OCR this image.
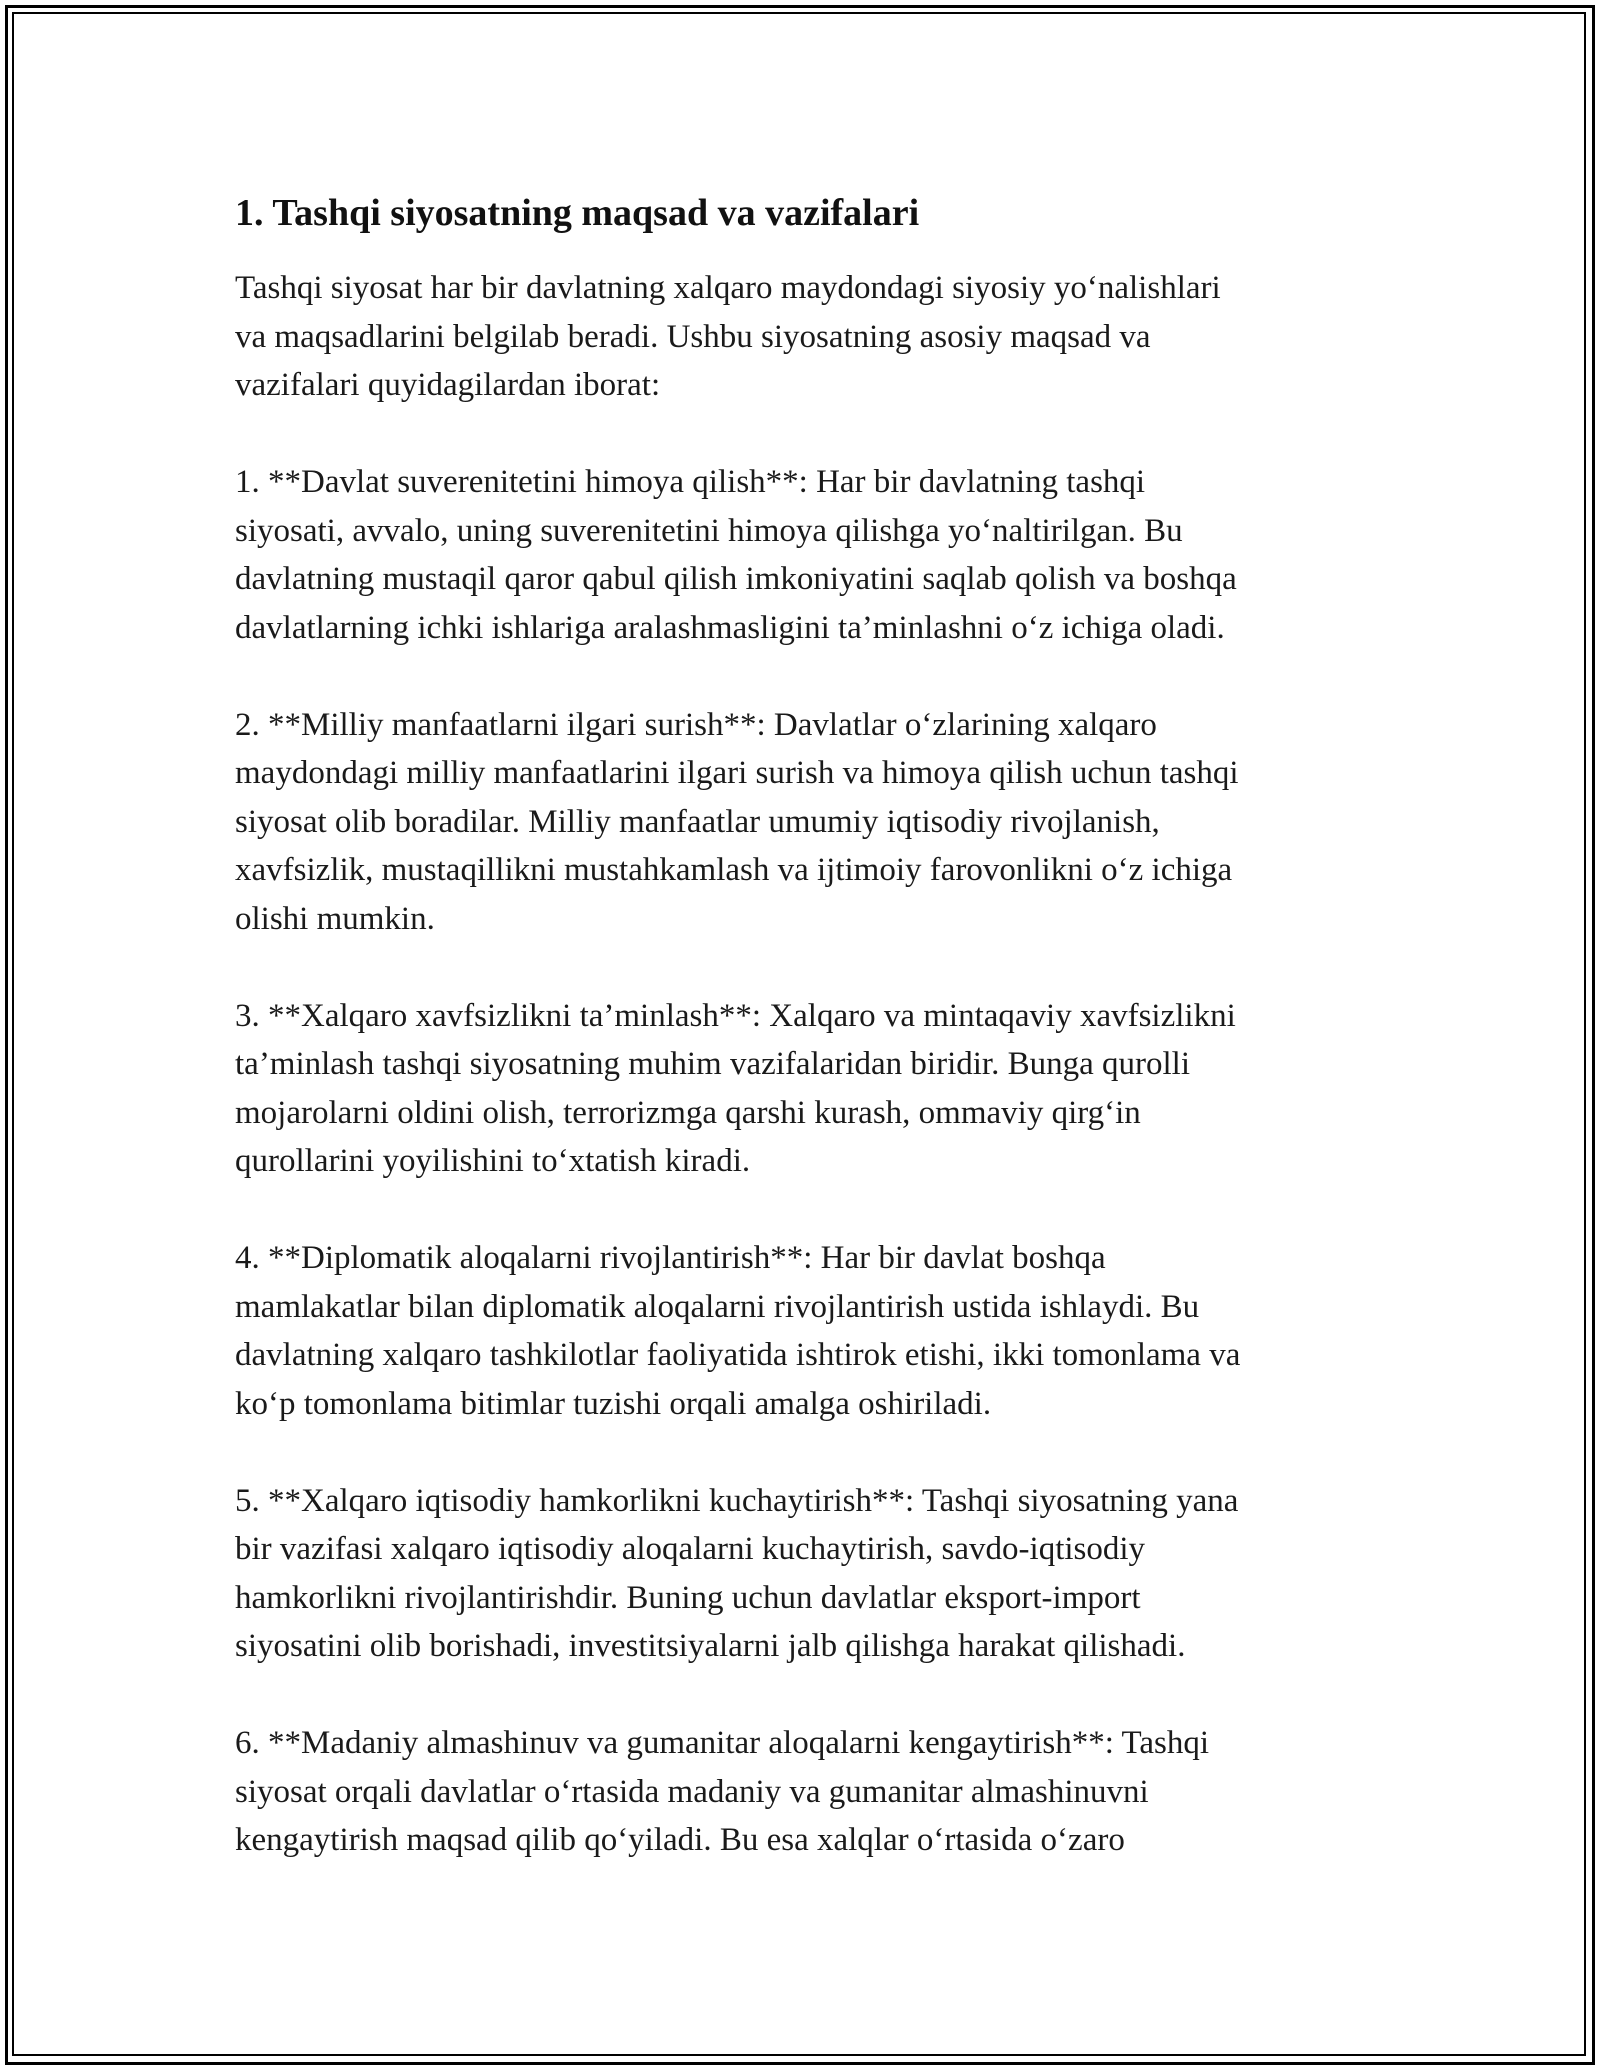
1. Tashqi siyosatning maqsad va vazifalari

Tashqi siyosat har bir davlatning xalqaro maydondagi siyosiy yo‘nalishlari
va maqsadlarini belgilab beradi. Ushbu siyosatning asosiy maqsad va
vazifalari quyidagilardan iborat:

1. **Davlat suverenitetini himoya qilish**: Har bir davlatning tashqi
siyosati, avvalo, uning suverenitetini himoya qilishga yo‘naltirilgan. Bu
davlatning mustaqil qaror qabul qilish imkoniyatini saqlab qolish va boshqa
davlatlarning ichki ishlariga aralashmasligini ta’minlashni o‘z ichiga oladi.

2. **Milliy manfaatlarni ilgari surish**: Davlatlar o‘zlarining xalqaro
maydondagi milliy manfaatlarini ilgari surish va himoya qilish uchun tashqi
siyosat olib boradilar. Milliy manfaatlar umumiy iqtisodiy rivojlanish,
xavfsizlik, mustaqillikni mustahkamlash va ijtimoiy farovonlikni o‘z ichiga
olishi mumkin.

3. **Xalqaro xavfsizlikni ta’minlash**: Xalqaro va mintaqaviy xavfsizlikni
ta’minlash tashqi siyosatning muhim vazifalaridan biridir. Bunga qurolli
mojarolarni oldini olish, terrorizmga qarshi kurash, ommaviy qirg‘in
qurollarini yoyilishini to‘xtatish kiradi.

4. **Diplomatik aloqalarni rivojlantirish**: Har bir davlat boshqa
mamlakatlar bilan diplomatik aloqalarni rivojlantirish ustida ishlaydi. Bu
davlatning xalqaro tashkilotlar faoliyatida ishtirok etishi, ikki tomonlama va
ko‘p tomonlama bitimlar tuzishi orqali amalga oshiriladi.

5. **Xalqaro iqtisodiy hamkorlikni kuchaytirish**: Tashqi siyosatning yana
bir vazifasi xalqaro iqtisodiy aloqalarni kuchaytirish, savdo-iqtisodiy
hamkorlikni rivojlantirishdir. Buning uchun davlatlar eksport-import
siyosatini olib borishadi, investitsiyalarni jalb qilishga harakat qilishadi.

6. **Madaniy almashinuv va gumanitar aloqalarni kengaytirish**: Tashqi
siyosat orqali davlatlar o‘rtasida madaniy va gumanitar almashinuvni
kengaytirish maqsad qilib qo‘yiladi. Bu esa xalqlar o‘rtasida o‘zaro
